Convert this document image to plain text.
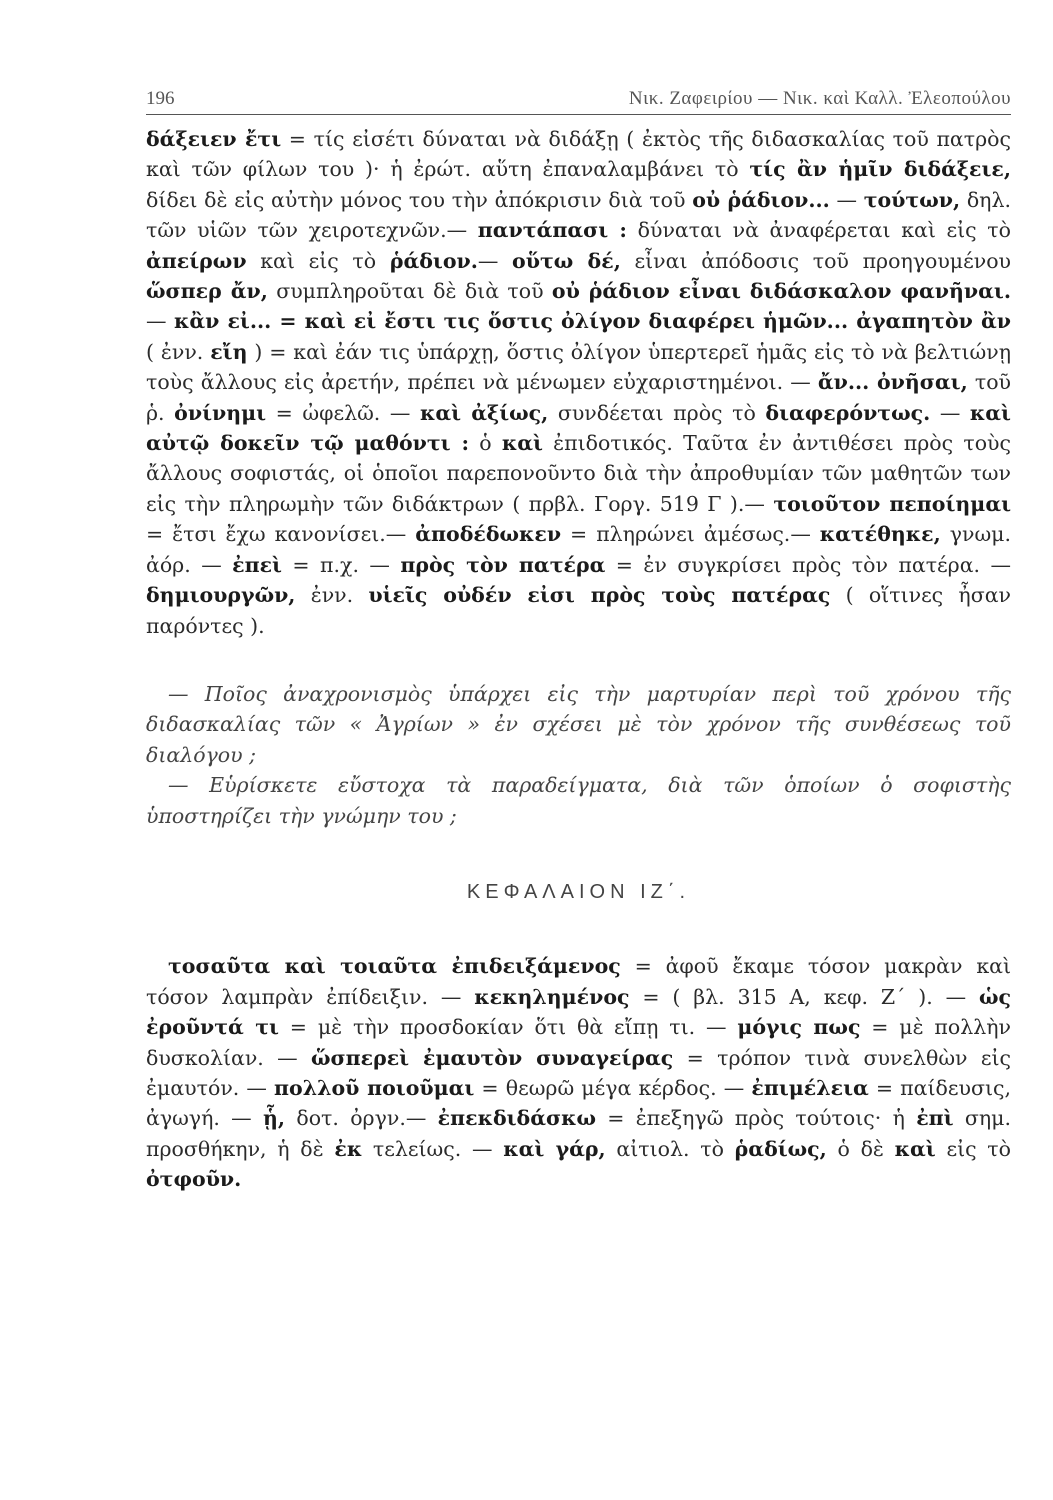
196	Νικ. Ζαφειρίου — Νικ. καὶ Καλλ. Ἐλεοπούλου

δάξειεν ἔτι = τίς εἰσέτι δύναται νὰ διδάξῃ ( ἐκτὸς τῆς διδασκαλίας τοῦ πατρὸς καὶ τῶν φίλων του )· ἡ ἐρώτ. αὕτη ἐπαναλαμβάνει τὸ τίς ἂν ἡμῖν διδάξειε, δίδει δὲ εἰς αὐτὴν μόνος του τὴν ἀπόκρισιν διὰ τοῦ οὐ ῥάδιον... — τούτων, δηλ. τῶν υἱῶν τῶν χειροτεχνῶν.— παντάπασι : δύναται νὰ ἀναφέρεται καὶ εἰς τὸ ἀπείρων καὶ εἰς τὸ ῥάδιον.— οὕτω δέ, εἶναι ἀπόδοσις τοῦ προηγουμένου ὥσπερ ἄν, συμπληροῦται δὲ διὰ τοῦ οὐ ῥάδιον εἶναι διδάσκαλον φανῆναι.— κἂν εἰ... = καὶ εἰ ἔστι τις ὅστις ὀλίγον διαφέρει ἡμῶν... ἀγαπητὸν ἂν ( ἐνν. εἴη ) = καὶ ἐάν τις ὑπάρχῃ, ὅστις ὀλίγον ὑπερτερεῖ ἡμᾶς εἰς τὸ νὰ βελτιώνῃ τοὺς ἄλλους εἰς ἀρετήν, πρέπει νὰ μένωμεν εὐχαριστημένοι. — ἄν... ὀνῆσαι, τοῦ ῥ. ὀνίνημι = ὠφελῶ. — καὶ ἀξίως, συνδέεται πρὸς τὸ διαφερόντως. — καὶ αὐτῷ δοκεῖν τῷ μαθόντι : ὁ καὶ ἐπιδοτικός. Ταῦτα ἐν ἀντιθέσει πρὸς τοὺς ἄλλους σοφιστάς, οἱ ὁποῖοι παρεπονοῦντο διὰ τὴν ἀπροθυμίαν τῶν μαθητῶν των εἰς τὴν πληρωμὴν τῶν διδάκτρων ( πρβλ. Γοργ. 519 Γ ).— τοιοῦτον πεποίημαι = ἔτσι ἔχω κανονίσει.— ἀποδέδωκεν = πληρώνει ἀμέσως.— κατέθηκε, γνωμ. ἀόρ. — ἐπεὶ = π.χ. — πρὸς τὸν πατέρα = ἐν συγκρίσει πρὸς τὸν πατέρα. — δημιουργῶν, ἐνν. υἱεῖς οὐδέν εἰσι πρὸς τοὺς πατέρας ( οἵτινες ἦσαν παρόντες ).

— Ποῖος ἀναχρονισμὸς ὑπάρχει εἰς τὴν μαρτυρίαν περὶ τοῦ χρόνου τῆς διδασκαλίας τῶν « Ἀγρίων » ἐν σχέσει μὲ τὸν χρόνον τῆς συνθέσεως τοῦ διαλόγου ;

— Εὑρίσκετε εὔστοχα τὰ παραδείγματα, διὰ τῶν ὁποίων ὁ σοφιστὴς ὑποστηρίζει τὴν γνώμην του ;

ΚΕΦΑΛΑΙΟΝ ΙΖ΄.

τοσαῦτα καὶ τοιαῦτα ἐπιδειξάμενος = ἀφοῦ ἔκαμε τόσον μακρὰν καὶ τόσον λαμπρὰν ἐπίδειξιν. — κεκηλημένος = ( βλ. 315 Α, κεφ. Ζ΄ ). — ὡς ἐροῦντά τι = μὲ τὴν προσδοκίαν ὅτι θὰ εἴπῃ τι. — μόγις πως = μὲ πολλὴν δυσκολίαν. — ὥσπερεὶ ἐμαυτὸν συναγείρας = τρόπον τινὰ συνελθὼν εἰς ἐμαυτόν. — πολλοῦ ποιοῦμαι = θεωρῶ μέγα κέρδος. — ἐπιμέλεια = παίδευσις, ἀγωγή. — ᾗ, δοτ. ὀργν.— ἐπεκδιδάσκω = ἐπεξηγῶ πρὸς τούτοις· ἡ ἐπὶ σημ. προσθήκην, ἡ δὲ ἐκ τελείως. — καὶ γάρ, αἰτιολ. τὸ ῥαδίως, ὁ δὲ καὶ εἰς τὸ ὀτφοῦν.
